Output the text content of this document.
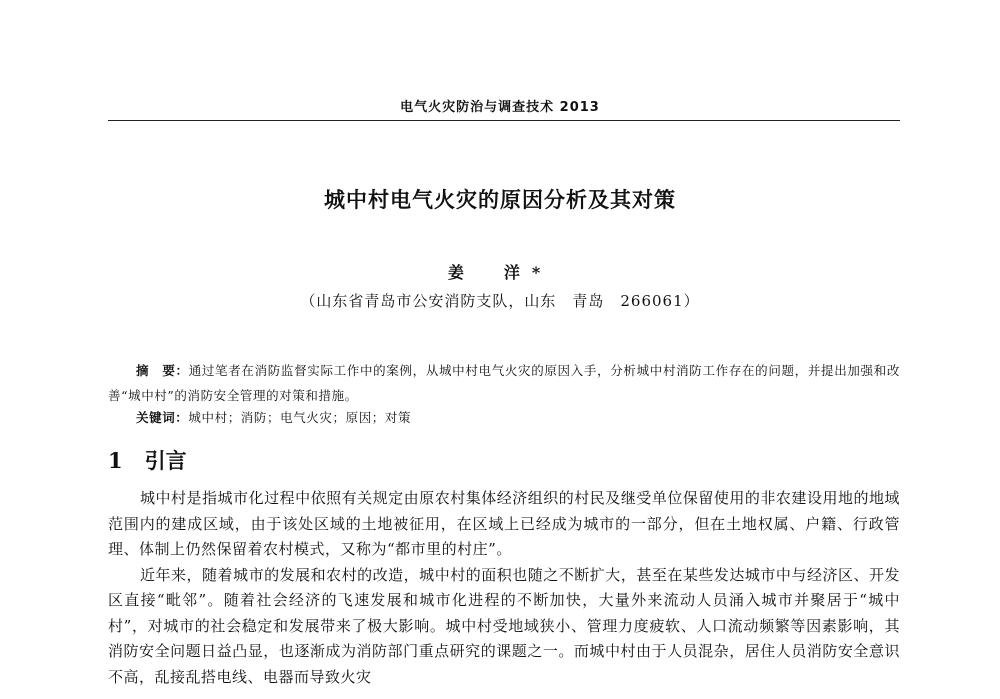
电气火灾防治与调查技术 2013
城中村电气火灾的原因分析及其对策
姜　洋*
（山东省青岛市公安消防支队，山东　青岛　266061）
摘　要：通过笔者在消防监督实际工作中的案例，从城中村电气火灾的原因入手，分析城中村消防工作存在的问题，并提出加强和改善“城中村”的消防安全管理的对策和措施。
关键词：城中村；消防；电气火灾；原因；对策
1 引言

城中村是指城市化过程中依照有关规定由原农村集体经济组织的村民及继受单位保留使用的非农建设用地的地域范围内的建成区域，由于该处区域的土地被征用，在区域上已经成为城市的一部分，但在土地权属、户籍、行政管理、体制上仍然保留着农村模式，又称为“都市里的村庄”。

近年来，随着城市的发展和农村的改造，城中村的面积也随之不断扩大，甚至在某些发达城市中与经济区、开发区直接“毗邻”。随着社会经济的飞速发展和城市化进程的不断加快，大量外来流动人员涌入城市并聚居于“城中村”，对城市的社会稳定和发展带来了极大影响。城中村受地域狭小、管理力度疲软、人口流动频繁等因素影响，其消防安全问题日益凸显，也逐渐成为消防部门重点研究的课题之一。而城中村由于人员混杂，居住人员消防安全意识不高，乱接乱搭电线、电器而导致火灾
